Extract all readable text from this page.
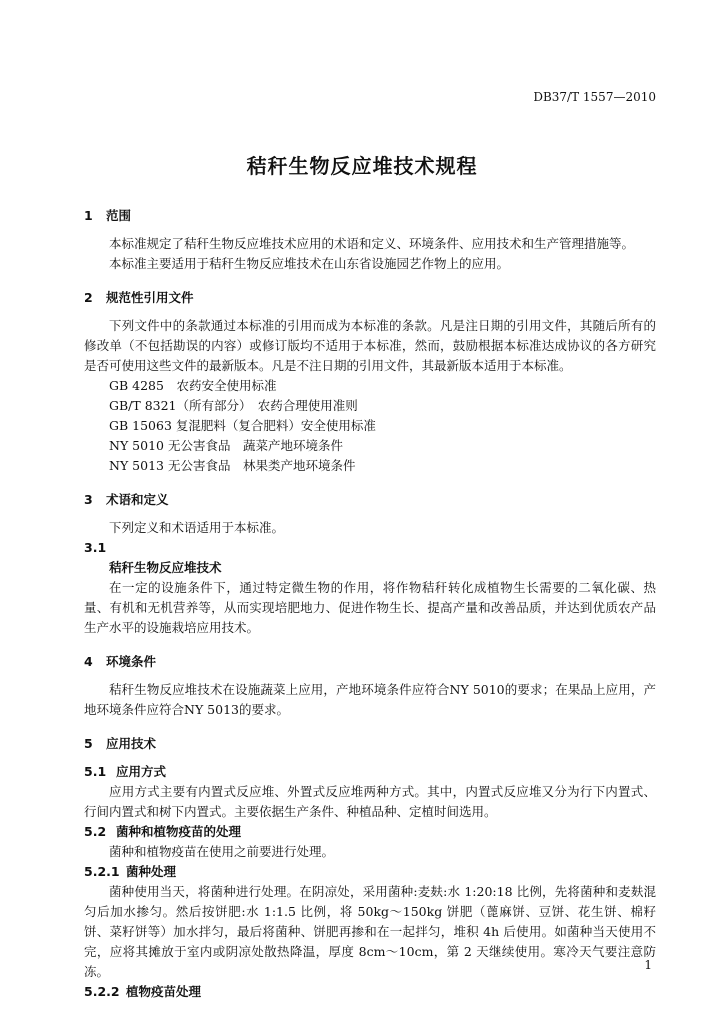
DB37/T 1557—2010
秸秆生物反应堆技术规程
1 范围

本标准规定了秸秆生物反应堆技术应用的术语和定义、环境条件、应用技术和生产管理措施等。

本标准主要适用于秸秆生物反应堆技术在山东省设施园艺作物上的应用。

2 规范性引用文件

下列文件中的条款通过本标准的引用而成为本标准的条款。凡是注日期的引用文件，其随后所有的修改单（不包括勘误的内容）或修订版均不适用于本标准，然而，鼓励根据本标准达成协议的各方研究是否可使用这些文件的最新版本。凡是不注日期的引用文件，其最新版本适用于本标准。

GB 4285　农药安全使用标准

GB/T 8321（所有部分）　农药合理使用准则

GB 15063 复混肥料（复合肥料）安全使用标准

NY 5010 无公害食品　蔬菜产地环境条件

NY 5013 无公害食品　林果类产地环境条件

3 术语和定义

下列定义和术语适用于本标准。

3.1
秸秆生物反应堆技术

在一定的设施条件下，通过特定微生物的作用，将作物秸秆转化成植物生长需要的二氧化碳、热量、有机和无机营养等，从而实现培肥地力、促进作物生长、提高产量和改善品质，并达到优质农产品生产水平的设施栽培应用技术。

4 环境条件

秸秆生物反应堆技术在设施蔬菜上应用，产地环境条件应符合NY 5010的要求；在果品上应用，产地环境条件应符合NY 5013的要求。

5 应用技术
5.1 应用方式

应用方式主要有内置式反应堆、外置式反应堆两种方式。其中，内置式反应堆又分为行下内置式、行间内置式和树下内置式。主要依据生产条件、种植品种、定植时间选用。

5.2 菌种和植物疫苗的处理

菌种和植物疫苗在使用之前要进行处理。

5.2.1 菌种处理

菌种使用当天，将菌种进行处理。在阴凉处，采用菌种:麦麸:水 1:20:18 比例，先将菌种和麦麸混匀后加水掺匀。然后按饼肥:水 1:1.5 比例，将 50kg～150kg 饼肥（蓖麻饼、豆饼、花生饼、棉籽饼、菜籽饼等）加水拌匀，最后将菌种、饼肥再掺和在一起拌匀，堆积 4h 后使用。如菌种当天使用不完，应将其摊放于室内或阴凉处散热降温，厚度 8cm～10cm，第 2 天继续使用。寒冷天气要注意防冻。

5.2.2 植物疫苗处理
1
